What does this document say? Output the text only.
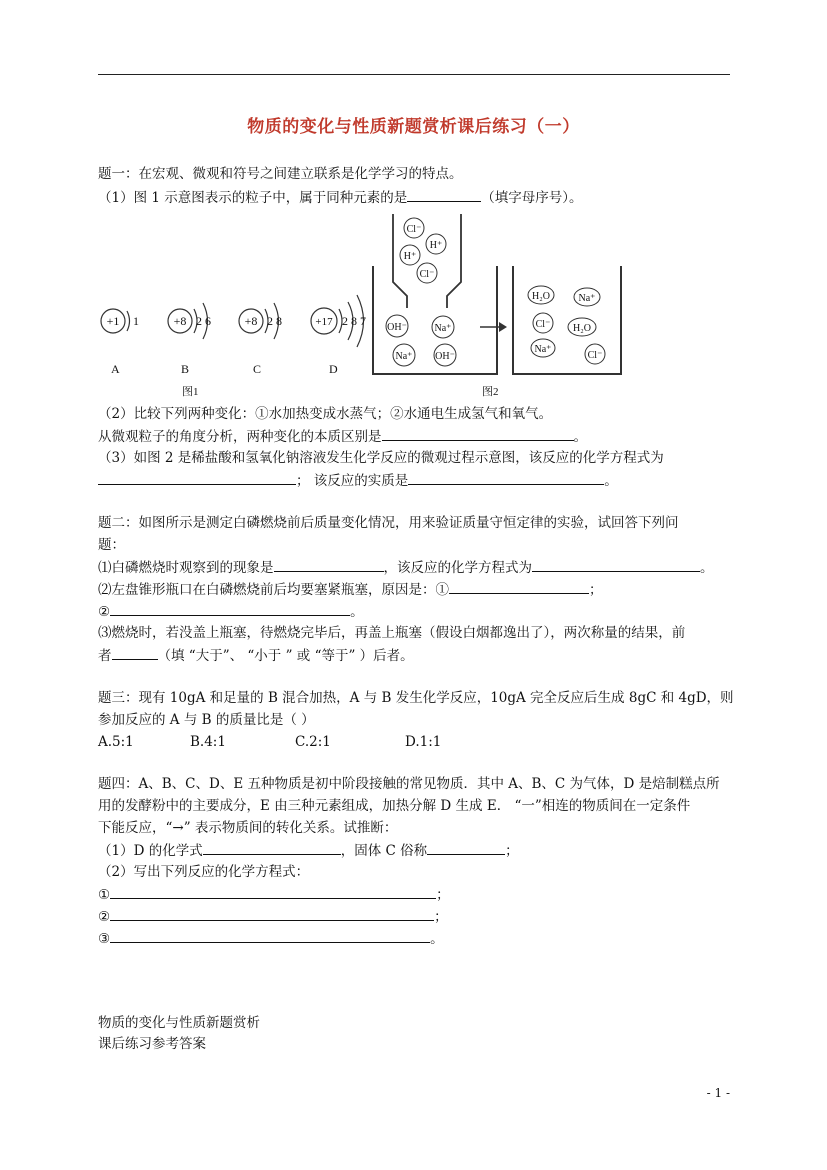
物质的变化与性质新题赏析课后练习（一）
题一：在宏观、微观和符号之间建立联系是化学学习的特点。
（1）图 1 示意图表示的粒子中，属于同种元素的是	（填字母序号）。
+1 1
A
+8 2 6
B
+8 2 8
C
+17 2 8 7
D
图1
Cl⁻
H⁺
H⁺
Cl⁻
OH⁻	Na⁺
Na⁺ OH⁻
H₂O	Na⁺
Cl⁻ H₂O
Na⁺
Cl⁻
图2
（2）比较下列两种变化：①水加热变成水蒸气；②水通电生成氢气和氧气。
从微观粒子的角度分析，两种变化的本质区别是	。
（3）如图 2 是稀盐酸和氢氧化钠溶液发生化学反应的微观过程示意图，该反应的化学方程式为
； 该反应的实质是	。
题二：如图所示是测定白磷燃烧前后质量变化情况，用来验证质量守恒定律的实验，试回答下列问
题：
⑴白磷燃烧时观察到的现象是	，该反应的化学方程式为	。
⑵左盘锥形瓶口在白磷燃烧前后均要塞紧瓶塞，原因是：①	；
②	。
⑶燃烧时，若没盖上瓶塞，待燃烧完毕后，再盖上瓶塞（假设白烟都逸出了），两次称量的结果，前
者	（填 “大于”、 “小于 ” 或 “等于” ）后者。
题三：现有 10gA 和足量的 B 混合加热，A 与 B 发生化学反应，10gA 完全反应后生成 8gC 和 4gD，则
参加反应的 A 与 B 的质量比是（ ）
A.5:1	B.4:1	C.2:1	D.1:1
题四：A、B、C、D、E 五种物质是初中阶段接触的常见物质．其中 A、B、C 为气体，D 是焙制糕点所
用的发酵粉中的主要成分，E 由三种元素组成，加热分解 D 生成 E． “一”相连的物质间在一定条件
下能反应，“→” 表示物质间的转化关系。试推断：
（1）D 的化学式	，固体 C 俗称	；
（2）写出下列反应的化学方程式：
①	；
②	；
③	。
物质的变化与性质新题赏析
课后练习参考答案
- 1 -
